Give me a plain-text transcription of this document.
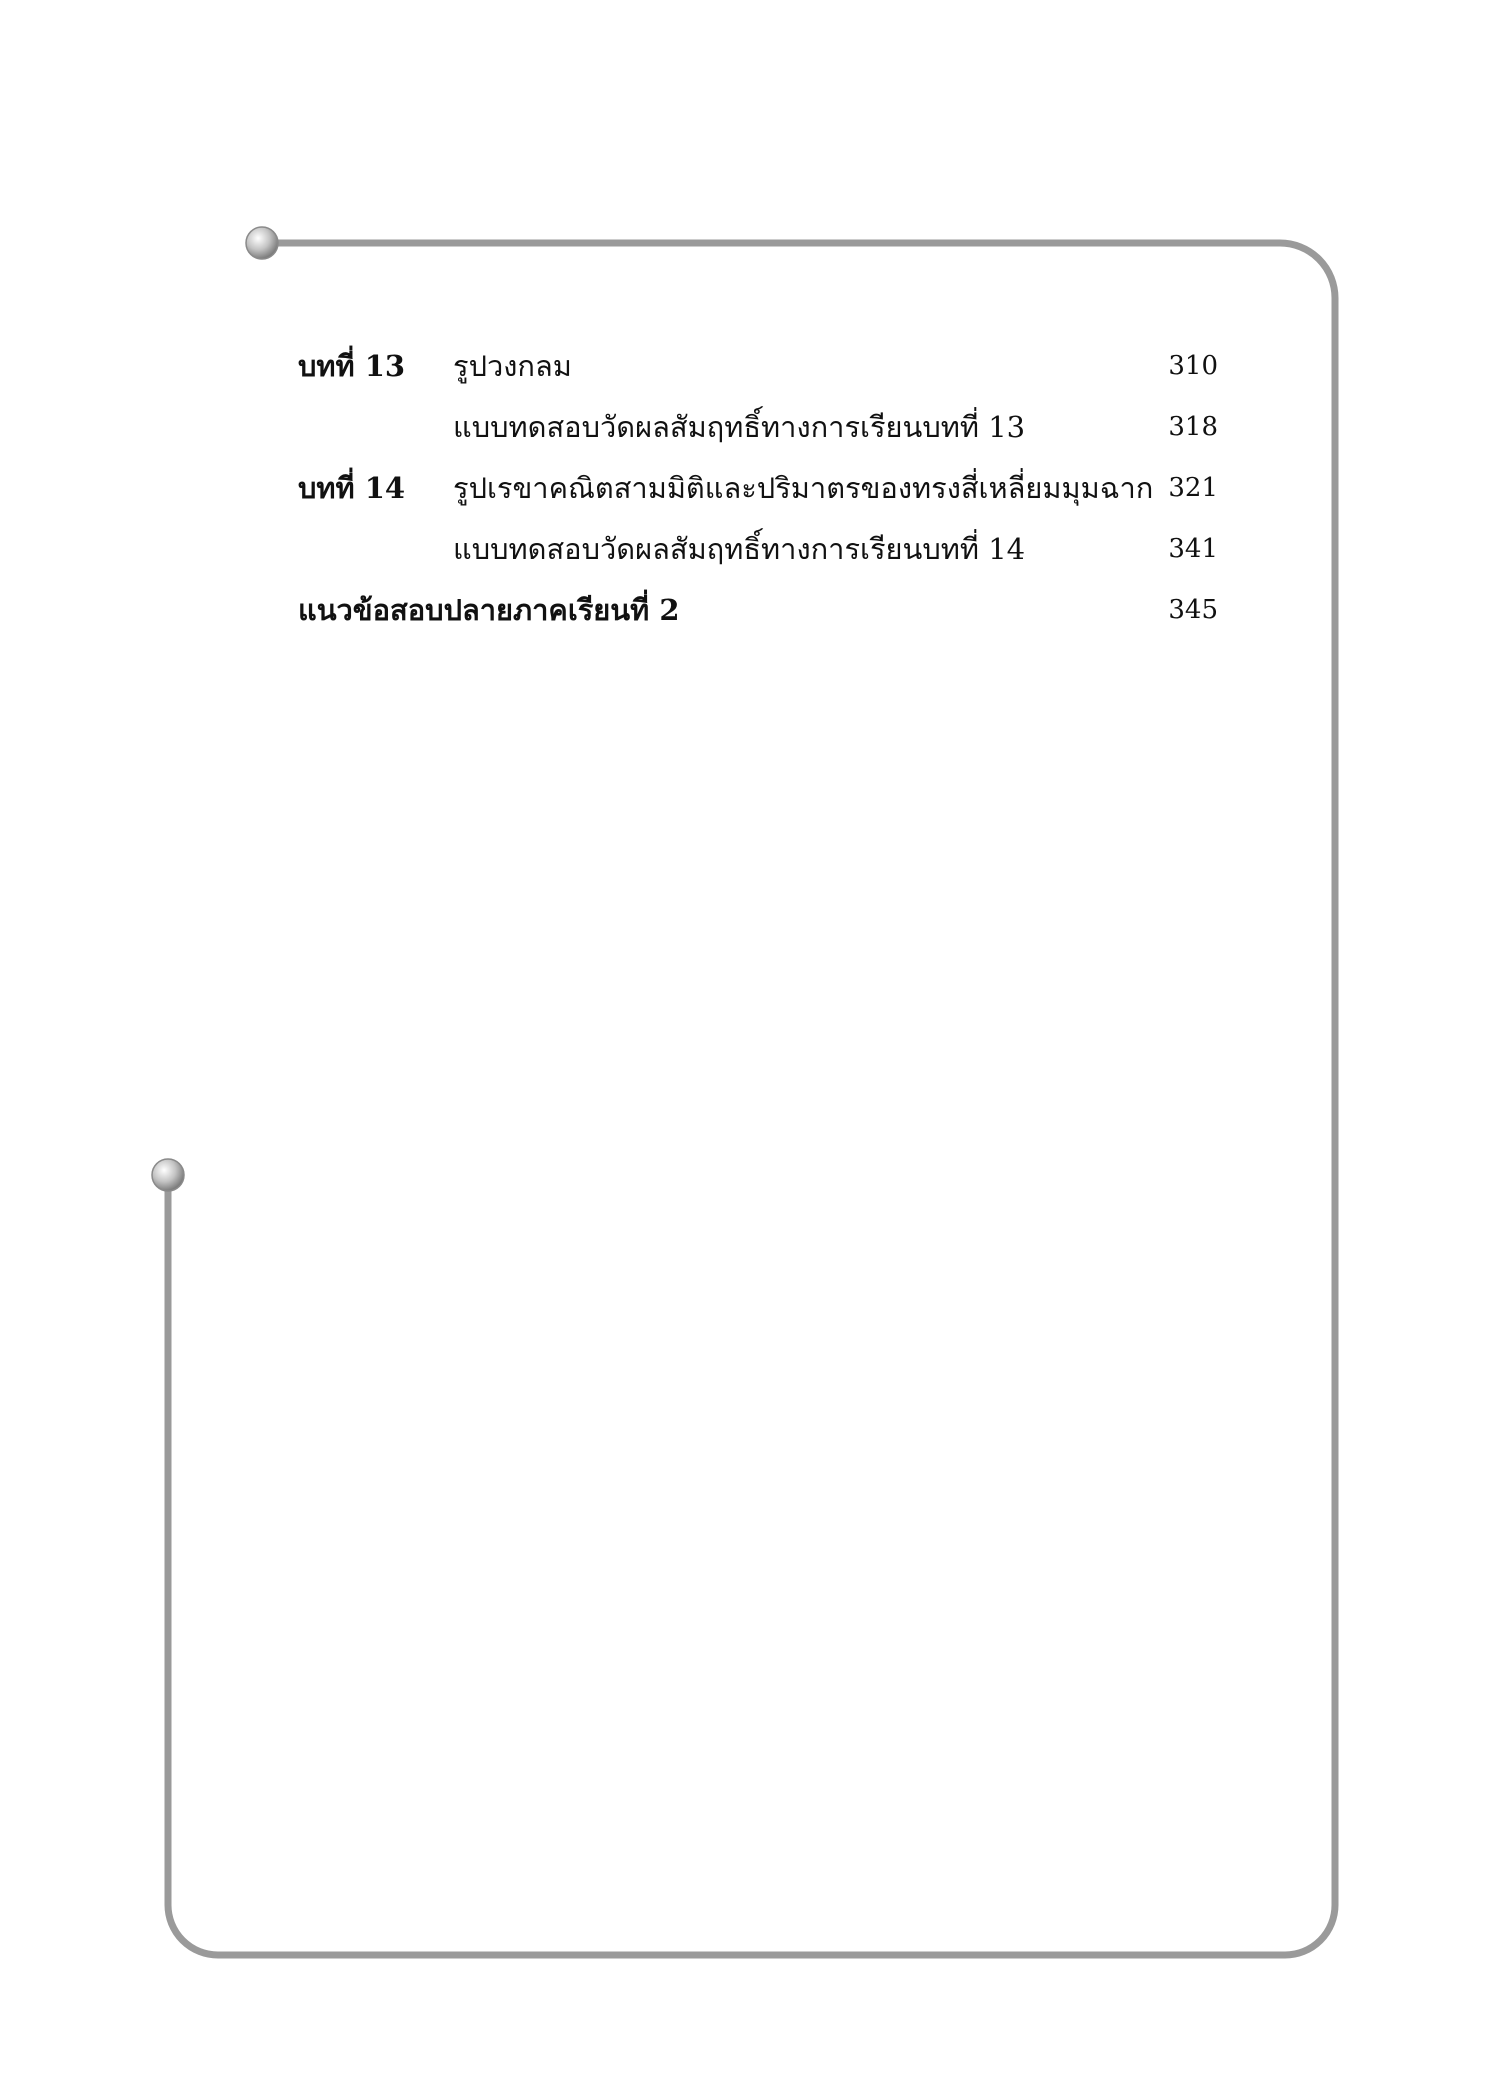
บทที่ 13 รูปวงกลม	310
แบบทดสอบวัดผลสัมฤทธิ์ทางการเรียนบทที่ 13	318
บทที่ 14 รูปเรขาคณิตสามมิติและปริมาตรของทรงสี่เหลี่ยมมุมฉาก 321
แบบทดสอบวัดผลสัมฤทธิ์ทางการเรียนบทที่ 14	341
แนวข้อสอบปลายภาคเรียนที่ 2	345
